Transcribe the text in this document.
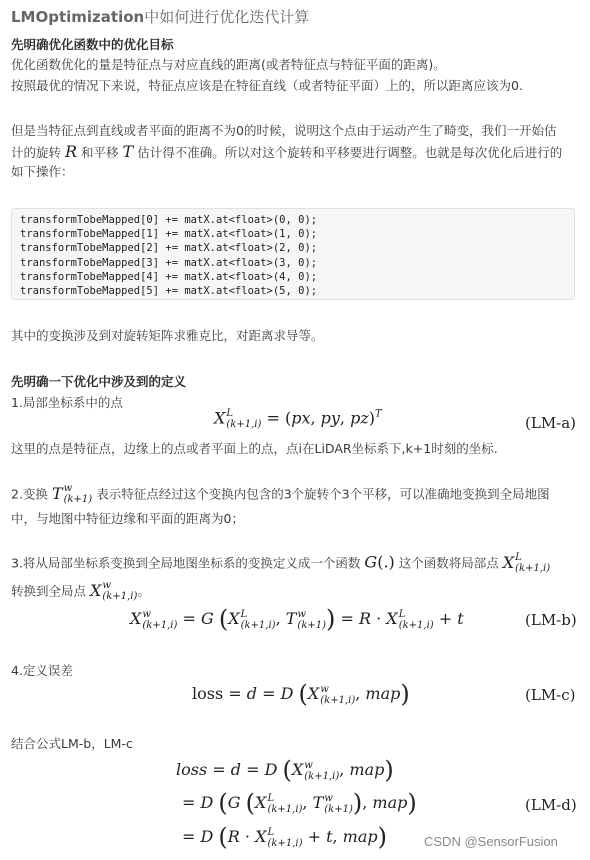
LMOptimization中如何进行优化迭代计算
先明确优化函数中的优化目标
优化函数优化的量是特征点与对应直线的距离(或者特征点与特征平面的距离)。
按照最优的情况下来说，特征点应该是在特征直线（或者特征平面）上的，所以距离应该为0.
但是当特征点到直线或者平面的距离不为0的时候，说明这个点由于运动产生了畸变，我们一开始估
计的旋转 R 和平移 T 估计得不准确。所以对这个旋转和平移要进行调整。也就是每次优化后进行的
如下操作：
transformTobeMapped[0] += matX.at<float>(0, 0);
transformTobeMapped[1] += matX.at<float>(1, 0);
transformTobeMapped[2] += matX.at<float>(2, 0);
transformTobeMapped[3] += matX.at<float>(3, 0);
transformTobeMapped[4] += matX.at<float>(4, 0);
transformTobeMapped[5] += matX.at<float>(5, 0);
其中的变换涉及到对旋转矩阵求雅克比，对距离求导等。
先明确一下优化中涉及到的定义
1.局部坐标系中的点
X L
(k+1,i) = (px, py, pz)$^T$	(LM-a)
这里的点是特征点，边缘上的点或者平面上的点，点i在LiDAR坐标系下,k+1时刻的坐标.
2.变换 T w
(k+1) 表示特征点经过这个变换内包含的3个旋转个3个平移，可以准确地变换到全局地图
中，与地图中特征边缘和平面的距离为0；
3.将从局部坐标系变换到全局地图坐标系的变换定义成一个函数 G(.) 这个函数将局部点 X L
(k+1,i)
转换到全局点 X w
(k+1,i) 。
X w
(k+1,i) = G (X L
(k+1,i) , T w
(k+1) ) = R · X L
(k+1,i) + t	(LM-b)
4.定义误差
loss = d = D (X w
(k+1,i) , map)	(LM-c)
结合公式LM-b，LM-c
loss = d = D (X w
(k+1,i) , map)
= D (G (X L
(k+1,i) , T w
(k+1) ), map)	(LM-d)
= D (R · X L
(k+1,i) + t, map)	CSDN @SensorFusion
